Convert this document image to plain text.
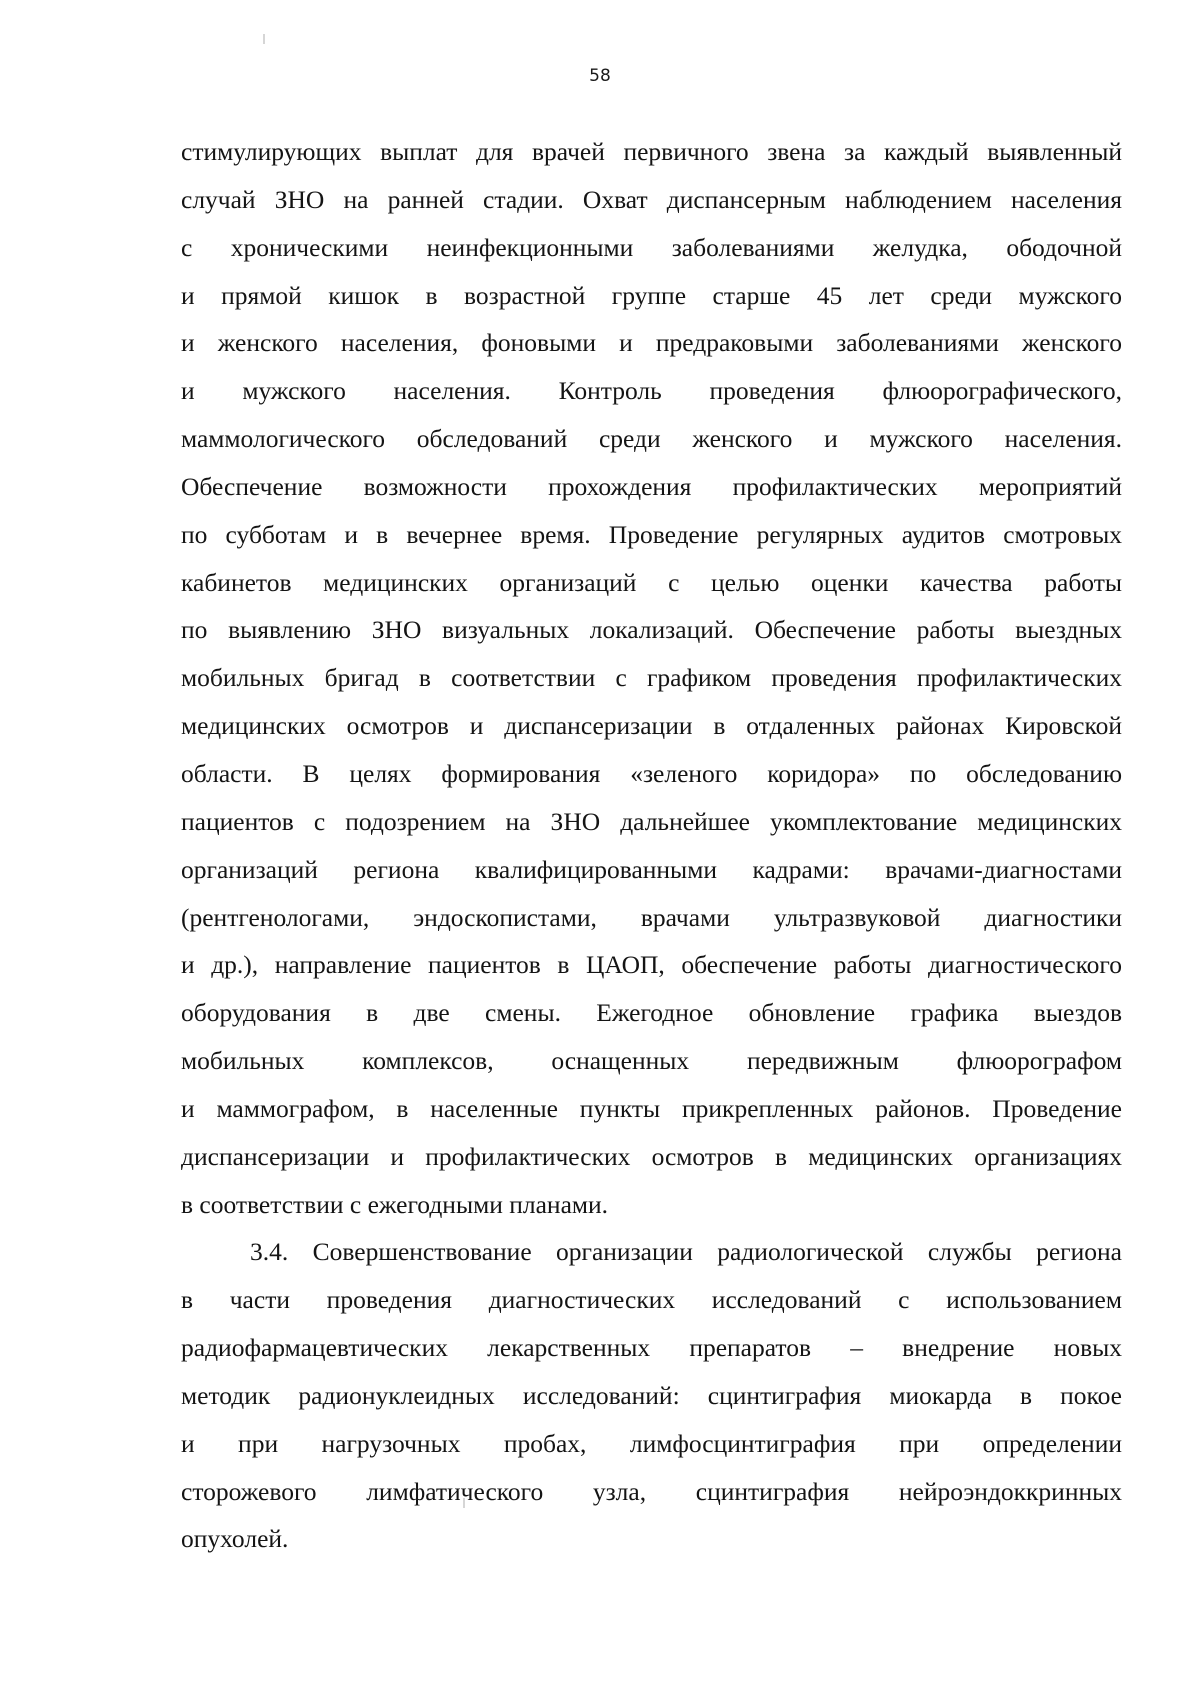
58
стимулирующих выплат для врачей первичного звена за каждый выявленный
случай ЗНО на ранней стадии. Охват диспансерным наблюдением населения
с хроническими неинфекционными заболеваниями желудка, ободочной
и прямой кишок в возрастной группе старше 45 лет среди мужского
и женского населения, фоновыми и предраковыми заболеваниями женского
и мужского населения. Контроль проведения флюорографического,
маммологического обследований среди женского и мужского населения.
Обеспечение возможности прохождения профилактических мероприятий
по субботам и в вечернее время. Проведение регулярных аудитов смотровых
кабинетов медицинских организаций с целью оценки качества работы
по выявлению ЗНО визуальных локализаций. Обеспечение работы выездных
мобильных бригад в соответствии с графиком проведения профилактических
медицинских осмотров и диспансеризации в отдаленных районах Кировской
области. В целях формирования «зеленого коридора» по обследованию
пациентов с подозрением на ЗНО дальнейшее укомплектование медицинских
организаций региона квалифицированными кадрами: врачами-диагностами
(рентгенологами, эндоскопистами, врачами ультразвуковой диагностики
и др.), направление пациентов в ЦАОП, обеспечение работы диагностического
оборудования в две смены. Ежегодное обновление графика выездов
мобильных комплексов, оснащенных передвижным флюорографом
и маммографом, в населенные пункты прикрепленных районов. Проведение
диспансеризации и профилактических осмотров в медицинских организациях
в соответствии с ежегодными планами.
3.4. Совершенствование организации радиологической службы региона
в части проведения диагностических исследований с использованием
радиофармацевтических лекарственных препаратов – внедрение новых
методик радионуклеидных исследований: сцинтиграфия миокарда в покое
и при нагрузочных пробах, лимфосцинтиграфия при определении
сторожевого лимфатического узла, сцинтиграфия нейроэндоккринных
опухолей.
